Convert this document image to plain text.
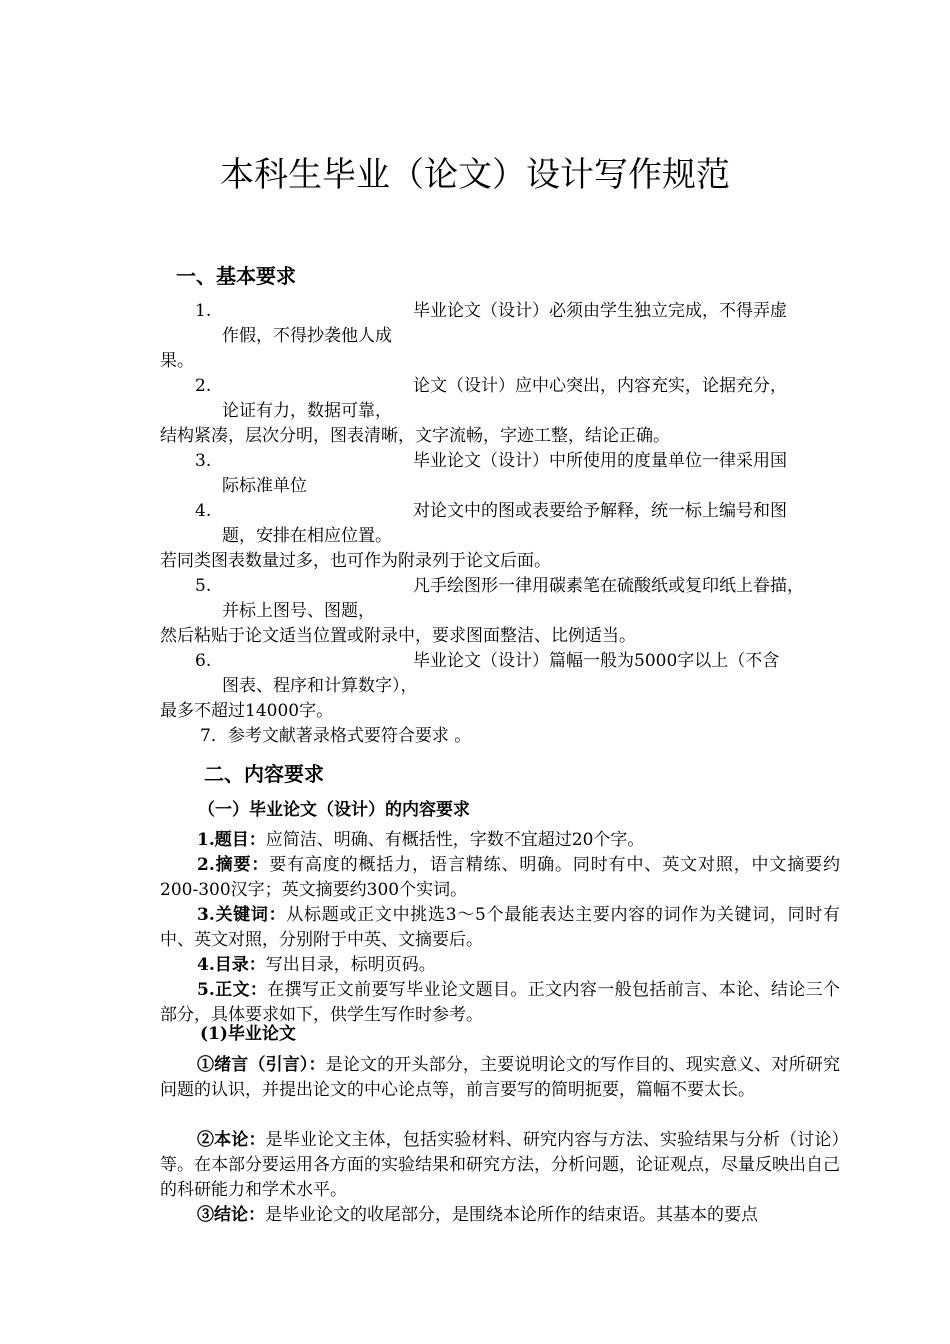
本科生毕业（论文）设计写作规范
一、基本要求
1.	毕业论文（设计）必须由学生独立完成，不得弄虚
作假，不得抄袭他人成
果。
2.	论文（设计）应中心突出，内容充实，论据充分，
论证有力，数据可靠，
结构紧凑，层次分明，图表清晰，文字流畅，字迹工整，结论正确。
3.	毕业论文（设计）中所使用的度量单位一律采用国
际标准单位
4.	对论文中的图或表要给予解释，统一标上编号和图
题，安排在相应位置。
若同类图表数量过多，也可作为附录列于论文后面。
5.	凡手绘图形一律用碳素笔在硫酸纸或复印纸上眷描，
并标上图号、图题，
然后粘贴于论文适当位置或附录中，要求图面整洁、比例适当。
6.	毕业论文（设计）篇幅一般为5000字以上（不含
图表、程序和计算数字），
最多不超过14000字。
7．参考文献著录格式要符合要求 。
二、内容要求
（一）毕业论文（设计）的内容要求

1.题目：应简洁、明确、有概括性，字数不宜超过20个字。

2.摘要：要有高度的概括力，语言精练、明确。同时有中、英文对照，中文摘要约200-300汉字；英文摘要约300个实词。

3.关键词：从标题或正文中挑选3～5个最能表达主要内容的词作为关键词，同时有中、英文对照，分别附于中英、文摘要后。

4.目录：写出目录，标明页码。

5.正文：在撰写正文前要写毕业论文题目。正文内容一般包括前言、本论、结论三个部分，具体要求如下，供学生写作时参考。

(1)毕业论文

①绪言（引言）：是论文的开头部分，主要说明论文的写作目的、现实意义、对所研究问题的认识，并提出论文的中心论点等，前言要写的简明扼要，篇幅不要太长。

②本论：是毕业论文主体，包括实验材料、研究内容与方法、实验结果与分析（讨论）等。在本部分要运用各方面的实验结果和研究方法，分析问题，论证观点，尽量反映出自己的科研能力和学术水平。

③结论：是毕业论文的收尾部分，是围绕本论所作的结束语。其基本的要点
